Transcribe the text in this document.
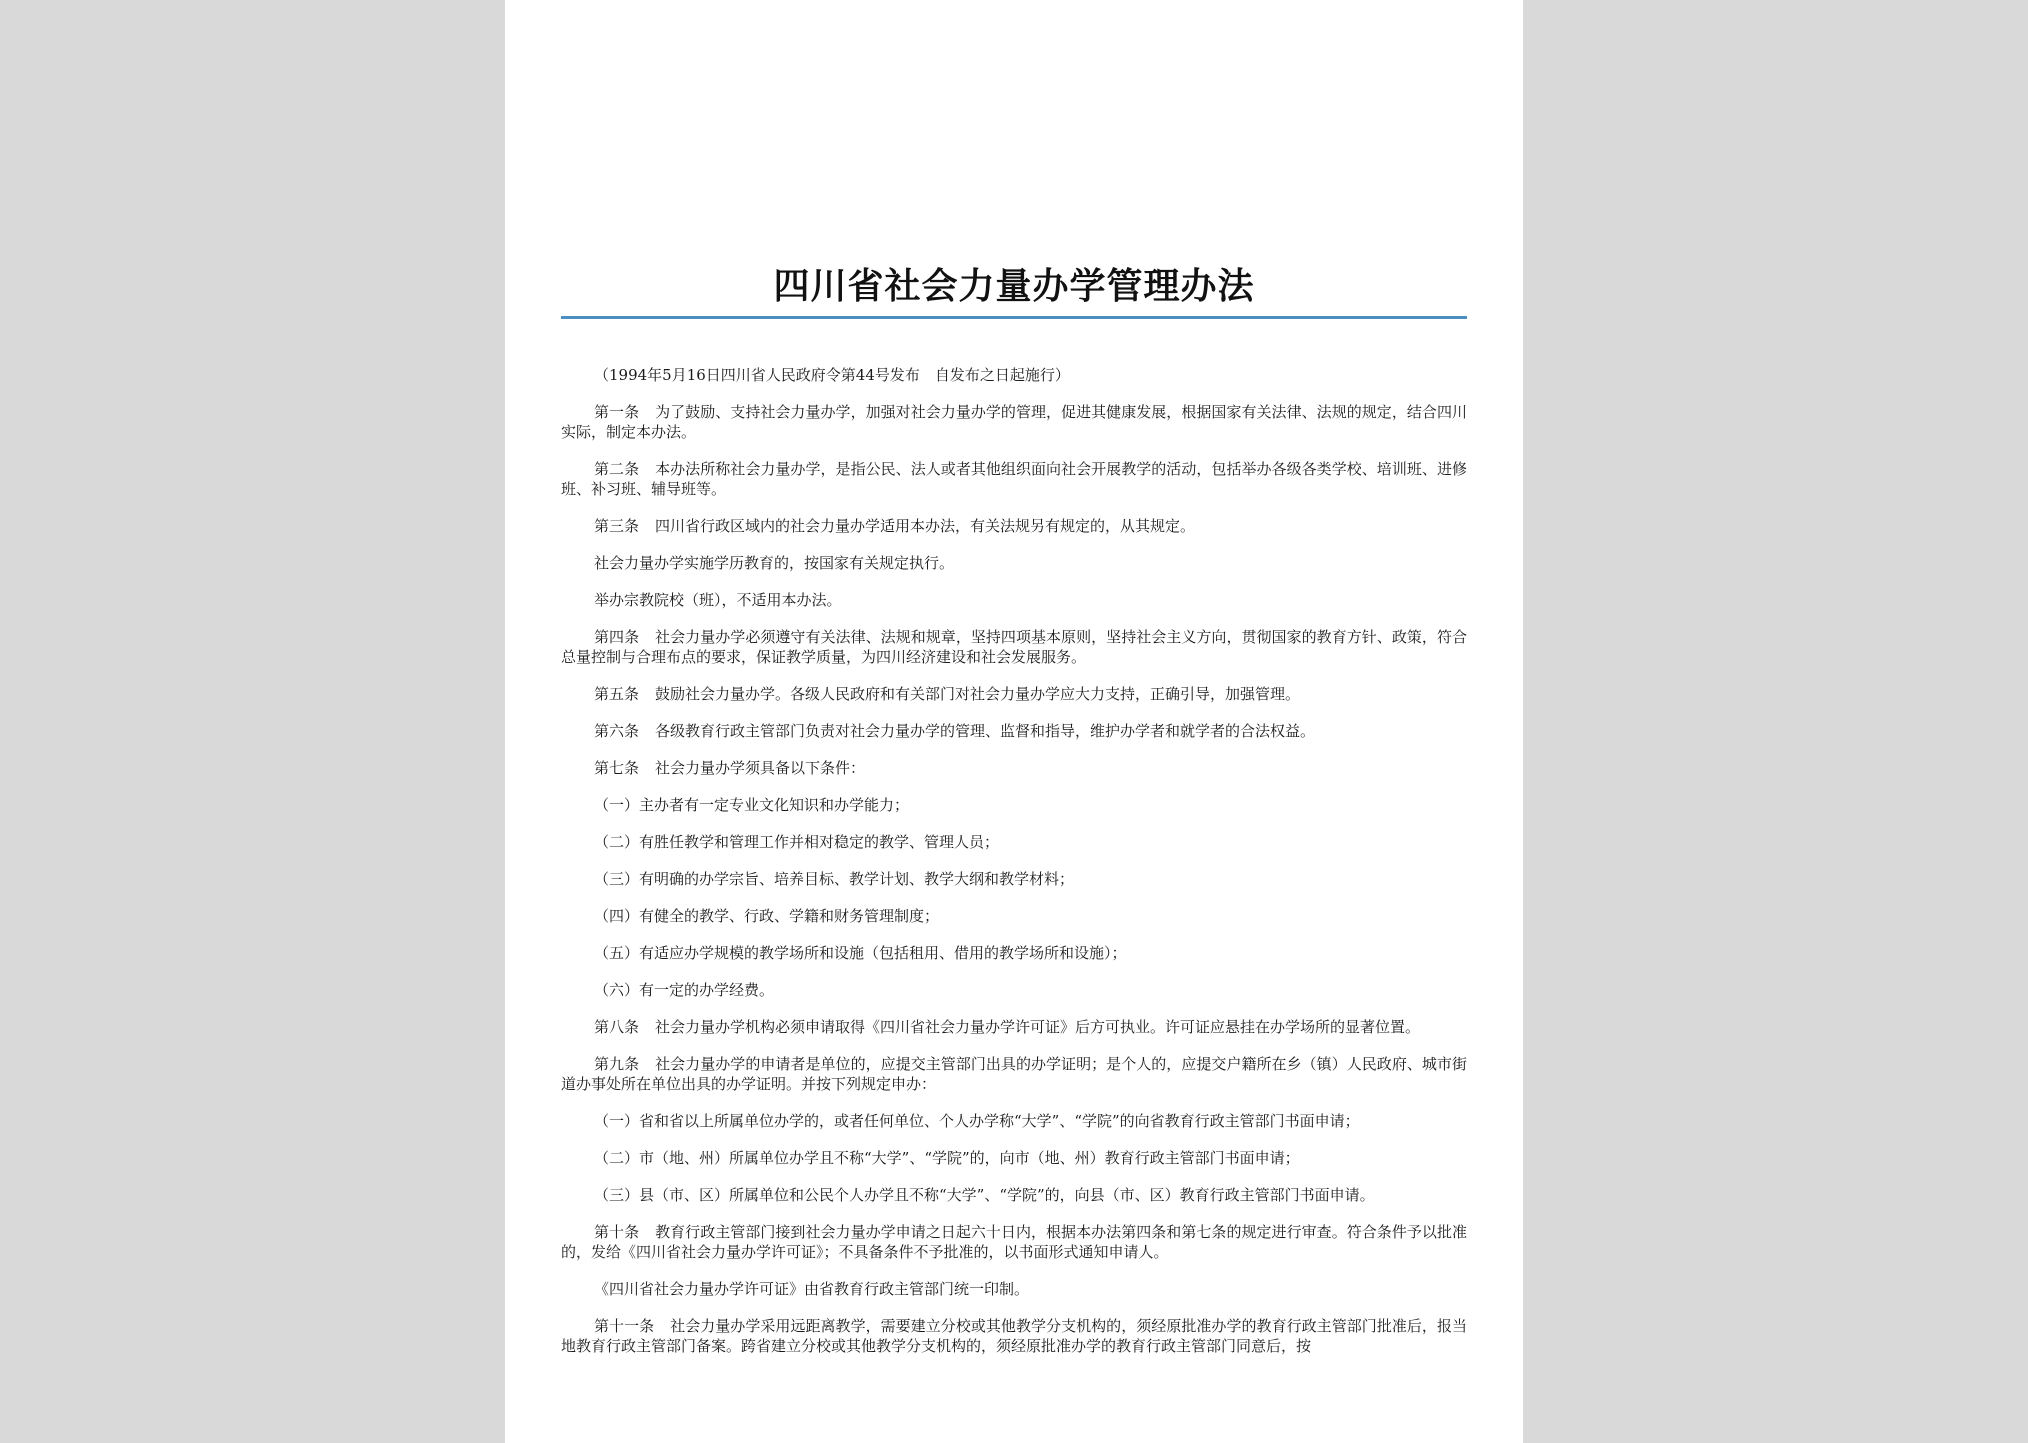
四川省社会力量办学管理办法
（1994年5月16日四川省人民政府令第44号发布　自发布之日起施行）
第一条 为了鼓励、支持社会力量办学，加强对社会力量办学的管理，促进其健康发展，根据国家有关法律、法规的规定，结合四川实际，制定本办法。
第二条 本办法所称社会力量办学，是指公民、法人或者其他组织面向社会开展教学的活动，包括举办各级各类学校、培训班、进修班、补习班、辅导班等。
第三条 四川省行政区域内的社会力量办学适用本办法，有关法规另有规定的，从其规定。
社会力量办学实施学历教育的，按国家有关规定执行。
举办宗教院校（班），不适用本办法。
第四条 社会力量办学必须遵守有关法律、法规和规章，坚持四项基本原则，坚持社会主义方向，贯彻国家的教育方针、政策，符合总量控制与合理布点的要求，保证教学质量，为四川经济建设和社会发展服务。
第五条 鼓励社会力量办学。各级人民政府和有关部门对社会力量办学应大力支持，正确引导，加强管理。
第六条 各级教育行政主管部门负责对社会力量办学的管理、监督和指导，维护办学者和就学者的合法权益。
第七条 社会力量办学须具备以下条件：
（一）主办者有一定专业文化知识和办学能力；
（二）有胜任教学和管理工作并相对稳定的教学、管理人员；
（三）有明确的办学宗旨、培养目标、教学计划、教学大纲和教学材料；
（四）有健全的教学、行政、学籍和财务管理制度；
（五）有适应办学规模的教学场所和设施（包括租用、借用的教学场所和设施）；
（六）有一定的办学经费。
第八条 社会力量办学机构必须申请取得《四川省社会力量办学许可证》后方可执业。许可证应悬挂在办学场所的显著位置。
第九条 社会力量办学的申请者是单位的，应提交主管部门出具的办学证明；是个人的，应提交户籍所在乡（镇）人民政府、城市街道办事处所在单位出具的办学证明。并按下列规定申办：
（一）省和省以上所属单位办学的，或者任何单位、个人办学称“大学”、“学院”的向省教育行政主管部门书面申请；
（二）市（地、州）所属单位办学且不称“大学”、“学院”的，向市（地、州）教育行政主管部门书面申请；
（三）县（市、区）所属单位和公民个人办学且不称“大学”、“学院”的，向县（市、区）教育行政主管部门书面申请。
第十条 教育行政主管部门接到社会力量办学申请之日起六十日内，根据本办法第四条和第七条的规定进行审查。符合条件予以批准的，发给《四川省社会力量办学许可证》；不具备条件不予批准的，以书面形式通知申请人。
《四川省社会力量办学许可证》由省教育行政主管部门统一印制。
第十一条 社会力量办学采用远距离教学，需要建立分校或其他教学分支机构的，须经原批准办学的教育行政主管部门批准后，报当地教育行政主管部门备案。跨省建立分校或其他教学分支机构的，须经原批准办学的教育行政主管部门同意后，按
